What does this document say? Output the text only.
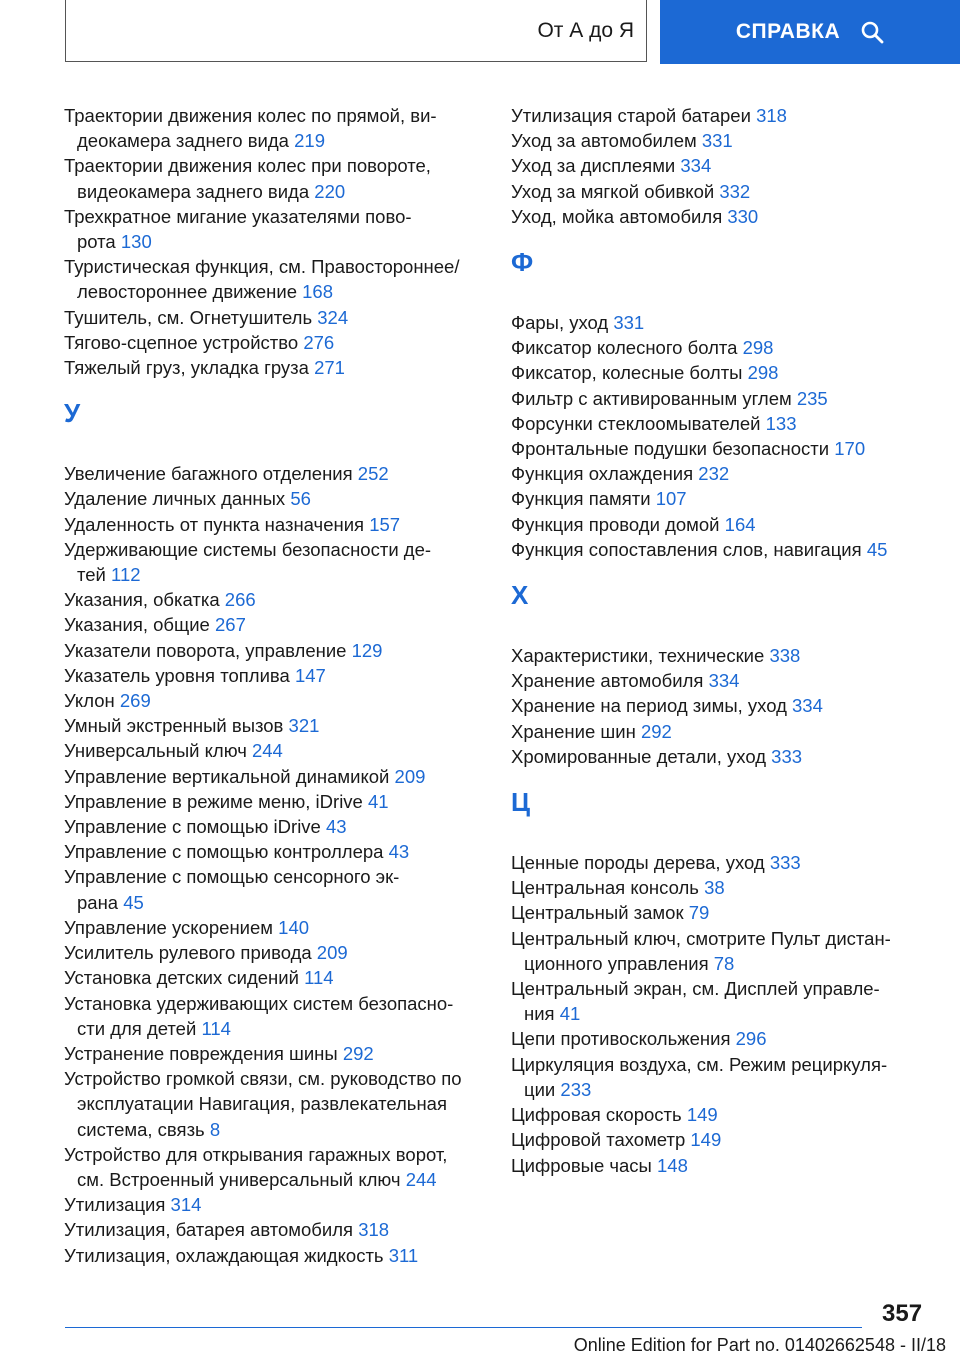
От А до Я	СПРАВКА
Траектории движения колес по прямой, ви-
деокамера заднего вида 219
Траектории движения колес при повороте,
видеокамера заднего вида 220
Трехкратное мигание указателями пово-
рота 130
Туристическая функция, см. Правостороннее/
левостороннее движение 168
Тушитель, см. Огнетушитель 324
Тягово-сцепное устройство 276
Тяжелый груз, укладка груза 271
У
Увеличение багажного отделения 252
Удаление личных данных 56
Удаленность от пункта назначения 157
Удерживающие системы безопасности де-
тей 112
Указания, обкатка 266
Указания, общие 267
Указатели поворота, управление 129
Указатель уровня топлива 147
Уклон 269
Умный экстренный вызов 321
Универсальный ключ 244
Управление вертикальной динамикой 209
Управление в режиме меню, iDrive 41
Управление с помощью iDrive 43
Управление с помощью контроллера 43
Управление с помощью сенсорного эк-
рана 45
Управление ускорением 140
Усилитель рулевого привода 209
Установка детских сидений 114
Установка удерживающих систем безопасно-
сти для детей 114
Устранение повреждения шины 292
Устройство громкой связи, см. руководство по
эксплуатации Навигация, развлекательная
система, связь 8
Устройство для открывания гаражных ворот,
см. Встроенный универсальный ключ 244
Утилизация 314
Утилизация, батарея автомобиля 318
Утилизация, охлаждающая жидкость 311
Утилизация старой батареи 318
Уход за автомобилем 331
Уход за дисплеями 334
Уход за мягкой обивкой 332
Уход, мойка автомобиля 330
Ф
Фары, уход 331
Фиксатор колесного болта 298
Фиксатор, колесные болты 298
Фильтр с активированным углем 235
Форсунки стеклоомывателей 133
Фронтальные подушки безопасности 170
Функция охлаждения 232
Функция памяти 107
Функция проводи домой 164
Функция сопоставления слов, навигация 45
Х
Характеристики, технические 338
Хранение автомобиля 334
Хранение на период зимы, уход 334
Хранение шин 292
Хромированные детали, уход 333
Ц
Ценные породы дерева, уход 333
Центральная консоль 38
Центральный замок 79
Центральный ключ, смотрите Пульт дистан-
ционного управления 78
Центральный экран, см. Дисплей управле-
ния 41
Цепи противоскольжения 296
Циркуляция воздуха, см. Режим рециркуля-
ции 233
Цифровая скорость 149
Цифровой тахометр 149
Цифровые часы 148
357
Online Edition for Part no. 01402662548 - II/18
